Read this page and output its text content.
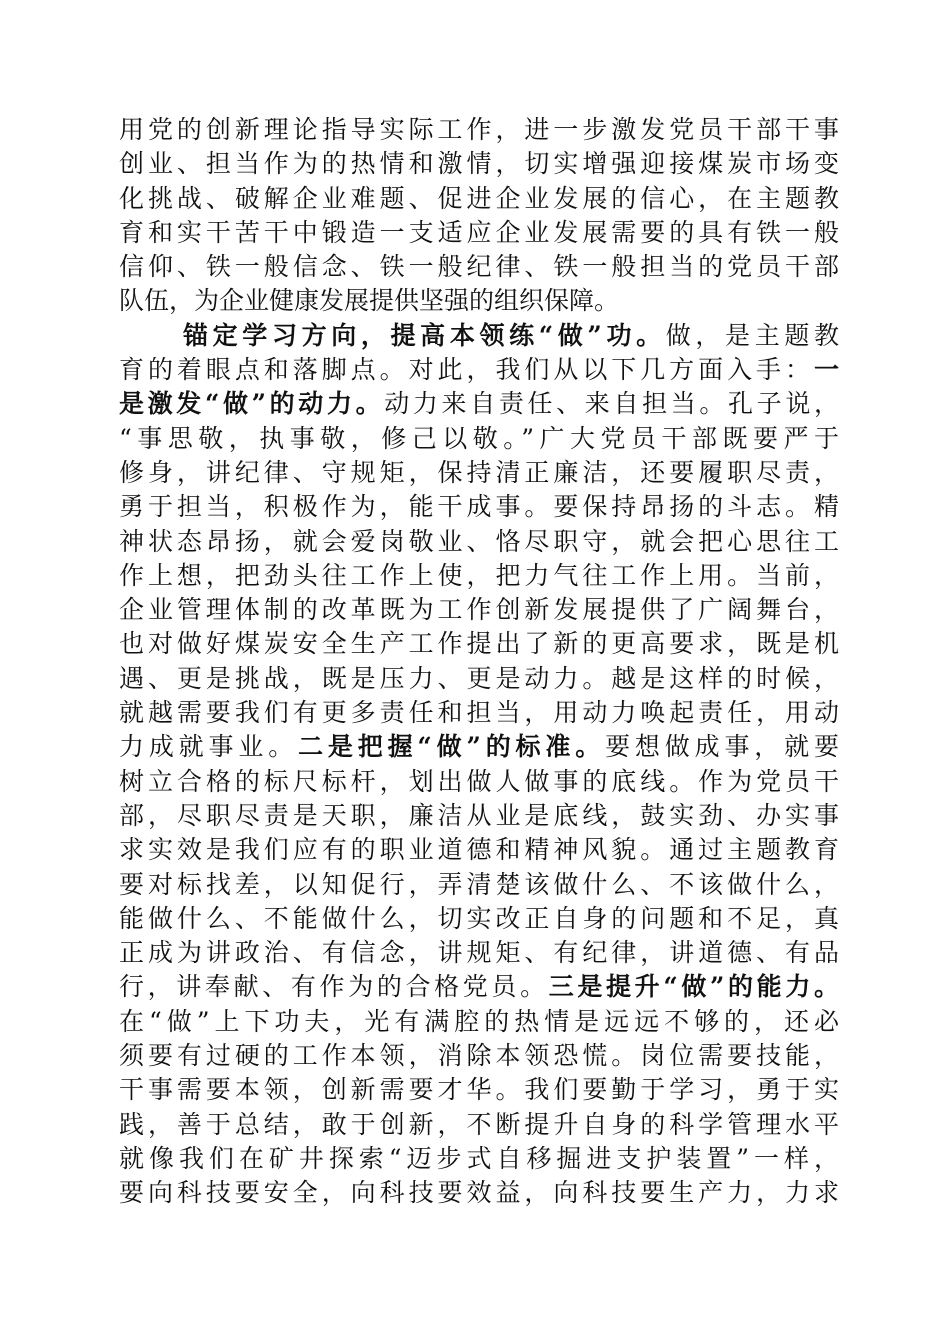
用党的创新理论指导实际工作，进一步激发党员干部干事
创业、担当作为的热情和激情，切实增强迎接煤炭市场变
化挑战、破解企业难题、促进企业发展的信心，在主题教
育和实干苦干中锻造一支适应企业发展需要的具有铁一般
信仰、铁一般信念、铁一般纪律、铁一般担当的党员干部
队伍，为企业健康发展提供坚强的组织保障。
锚定学习方向，提高本领练“做”功。做，是主题教
育的着眼点和落脚点。对此，我们从以下几方面入手：一
是激发“做”的动力。动力来自责任、来自担当。孔子说，
“事思敬，执事敬，修己以敬。”广大党员干部既要严于
修身，讲纪律、守规矩，保持清正廉洁，还要履职尽责，
勇于担当，积极作为，能干成事。要保持昂扬的斗志。精
神状态昂扬，就会爱岗敬业、恪尽职守，就会把心思往工
作上想，把劲头往工作上使，把力气往工作上用。当前，
企业管理体制的改革既为工作创新发展提供了广阔舞台，
也对做好煤炭安全生产工作提出了新的更高要求，既是机
遇、更是挑战，既是压力、更是动力。越是这样的时候，
就越需要我们有更多责任和担当，用动力唤起责任，用动
力成就事业。二是把握“做”的标准。要想做成事，就要
树立合格的标尺标杆，划出做人做事的底线。作为党员干
部，尽职尽责是天职，廉洁从业是底线，鼓实劲、办实事
求实效是我们应有的职业道德和精神风貌。通过主题教育
要对标找差，以知促行，弄清楚该做什么、不该做什么，
能做什么、不能做什么，切实改正自身的问题和不足，真
正成为讲政治、有信念，讲规矩、有纪律，讲道德、有品
行，讲奉献、有作为的合格党员。三是提升“做”的能力。
在“做”上下功夫，光有满腔的热情是远远不够的，还必
须要有过硬的工作本领，消除本领恐慌。岗位需要技能，
干事需要本领，创新需要才华。我们要勤于学习，勇于实
践，善于总结，敢于创新，不断提升自身的科学管理水平
就像我们在矿井探索“迈步式自移掘进支护装置”一样，
要向科技要安全，向科技要效益，向科技要生产力，力求
